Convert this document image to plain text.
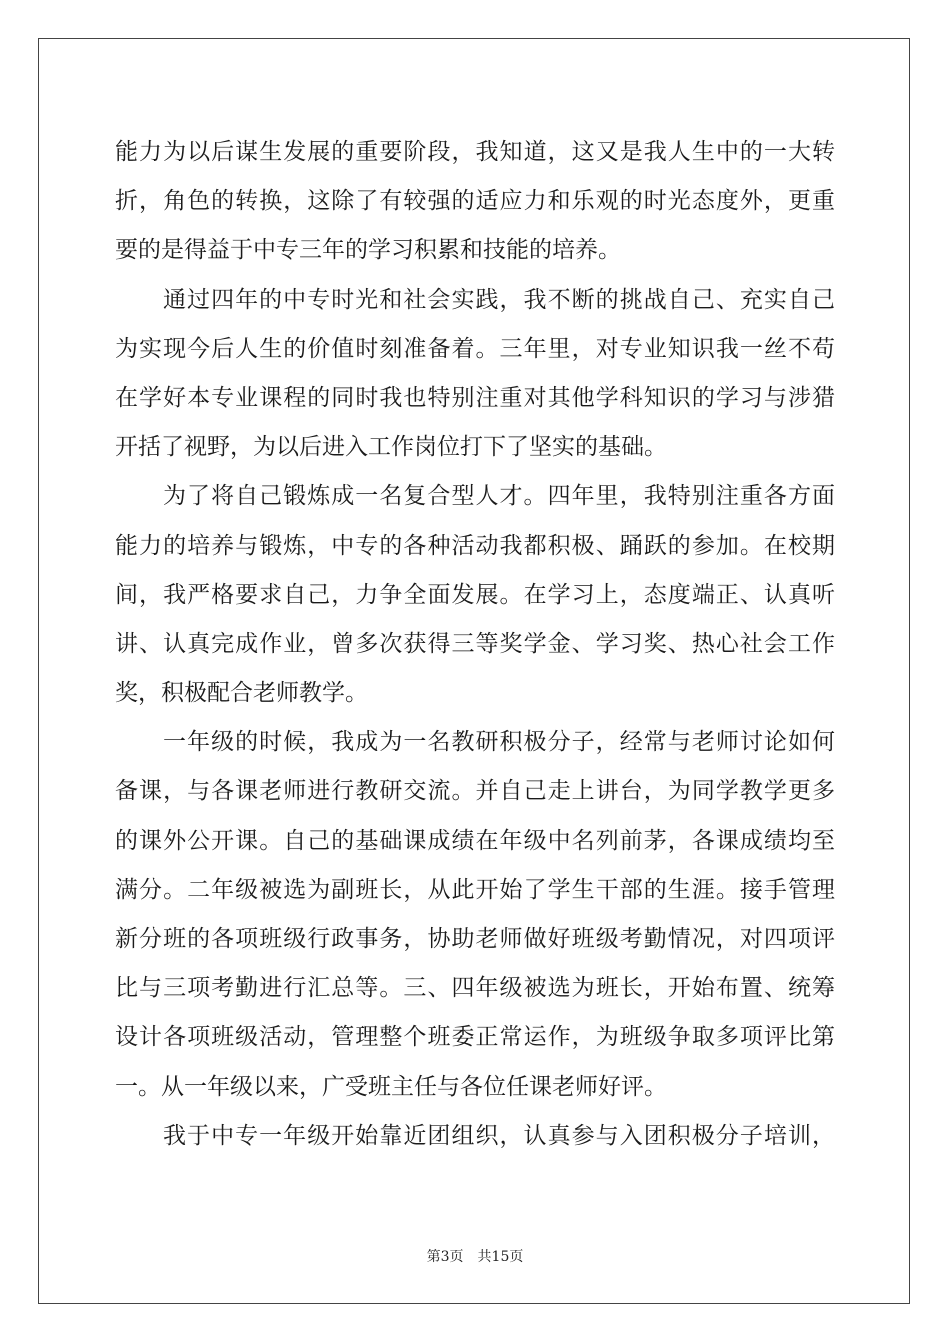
能力为以后谋生发展的重要阶段，我知道，这又是我人生中的一大转
折，角色的转换，这除了有较强的适应力和乐观的时光态度外，更重
要的是得益于中专三年的学习积累和技能的培养。
通过四年的中专时光和社会实践，我不断的挑战自己、充实自己
为实现今后人生的价值时刻准备着。三年里，对专业知识我一丝不苟
在学好本专业课程的同时我也特别注重对其他学科知识的学习与涉猎
开括了视野，为以后进入工作岗位打下了坚实的基础。
为了将自己锻炼成一名复合型人才。四年里，我特别注重各方面
能力的培养与锻炼，中专的各种活动我都积极、踊跃的参加。在校期
间，我严格要求自己，力争全面发展。在学习上，态度端正、认真听
讲、认真完成作业，曾多次获得三等奖学金、学习奖、热心社会工作
奖，积极配合老师教学。
一年级的时候，我成为一名教研积极分子，经常与老师讨论如何
备课，与各课老师进行教研交流。并自己走上讲台，为同学教学更多
的课外公开课。自己的基础课成绩在年级中名列前茅，各课成绩均至
满分。二年级被选为副班长，从此开始了学生干部的生涯。接手管理
新分班的各项班级行政事务，协助老师做好班级考勤情况，对四项评
比与三项考勤进行汇总等。三、四年级被选为班长，开始布置、统筹
设计各项班级活动，管理整个班委正常运作，为班级争取多项评比第
一。从一年级以来，广受班主任与各位任课老师好评。
我于中专一年级开始靠近团组织，认真参与入团积极分子培训，
第3页 共15页
